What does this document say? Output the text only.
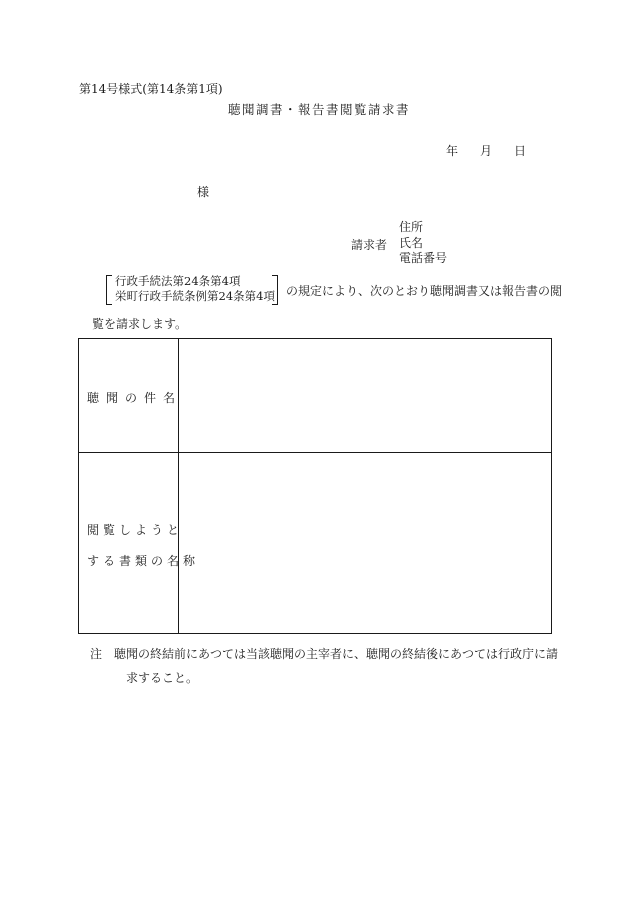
第14号様式(第14条第1項)
聴聞調書・報告書閲覧請求書
年 月 日
様
請求者
住所
氏名
電話番号
行政手続法第24条第4項
栄町行政手続条例第24条第4項 の規定により、次のとおり聴聞調書又は報告書の閲
覧を請求します。
聴聞の件名
閲覧しようと
する書類の名称
注 聴聞の終結前にあつては当該聴聞の主宰者に、聴聞の終結後にあつては行政庁に請
求すること。
